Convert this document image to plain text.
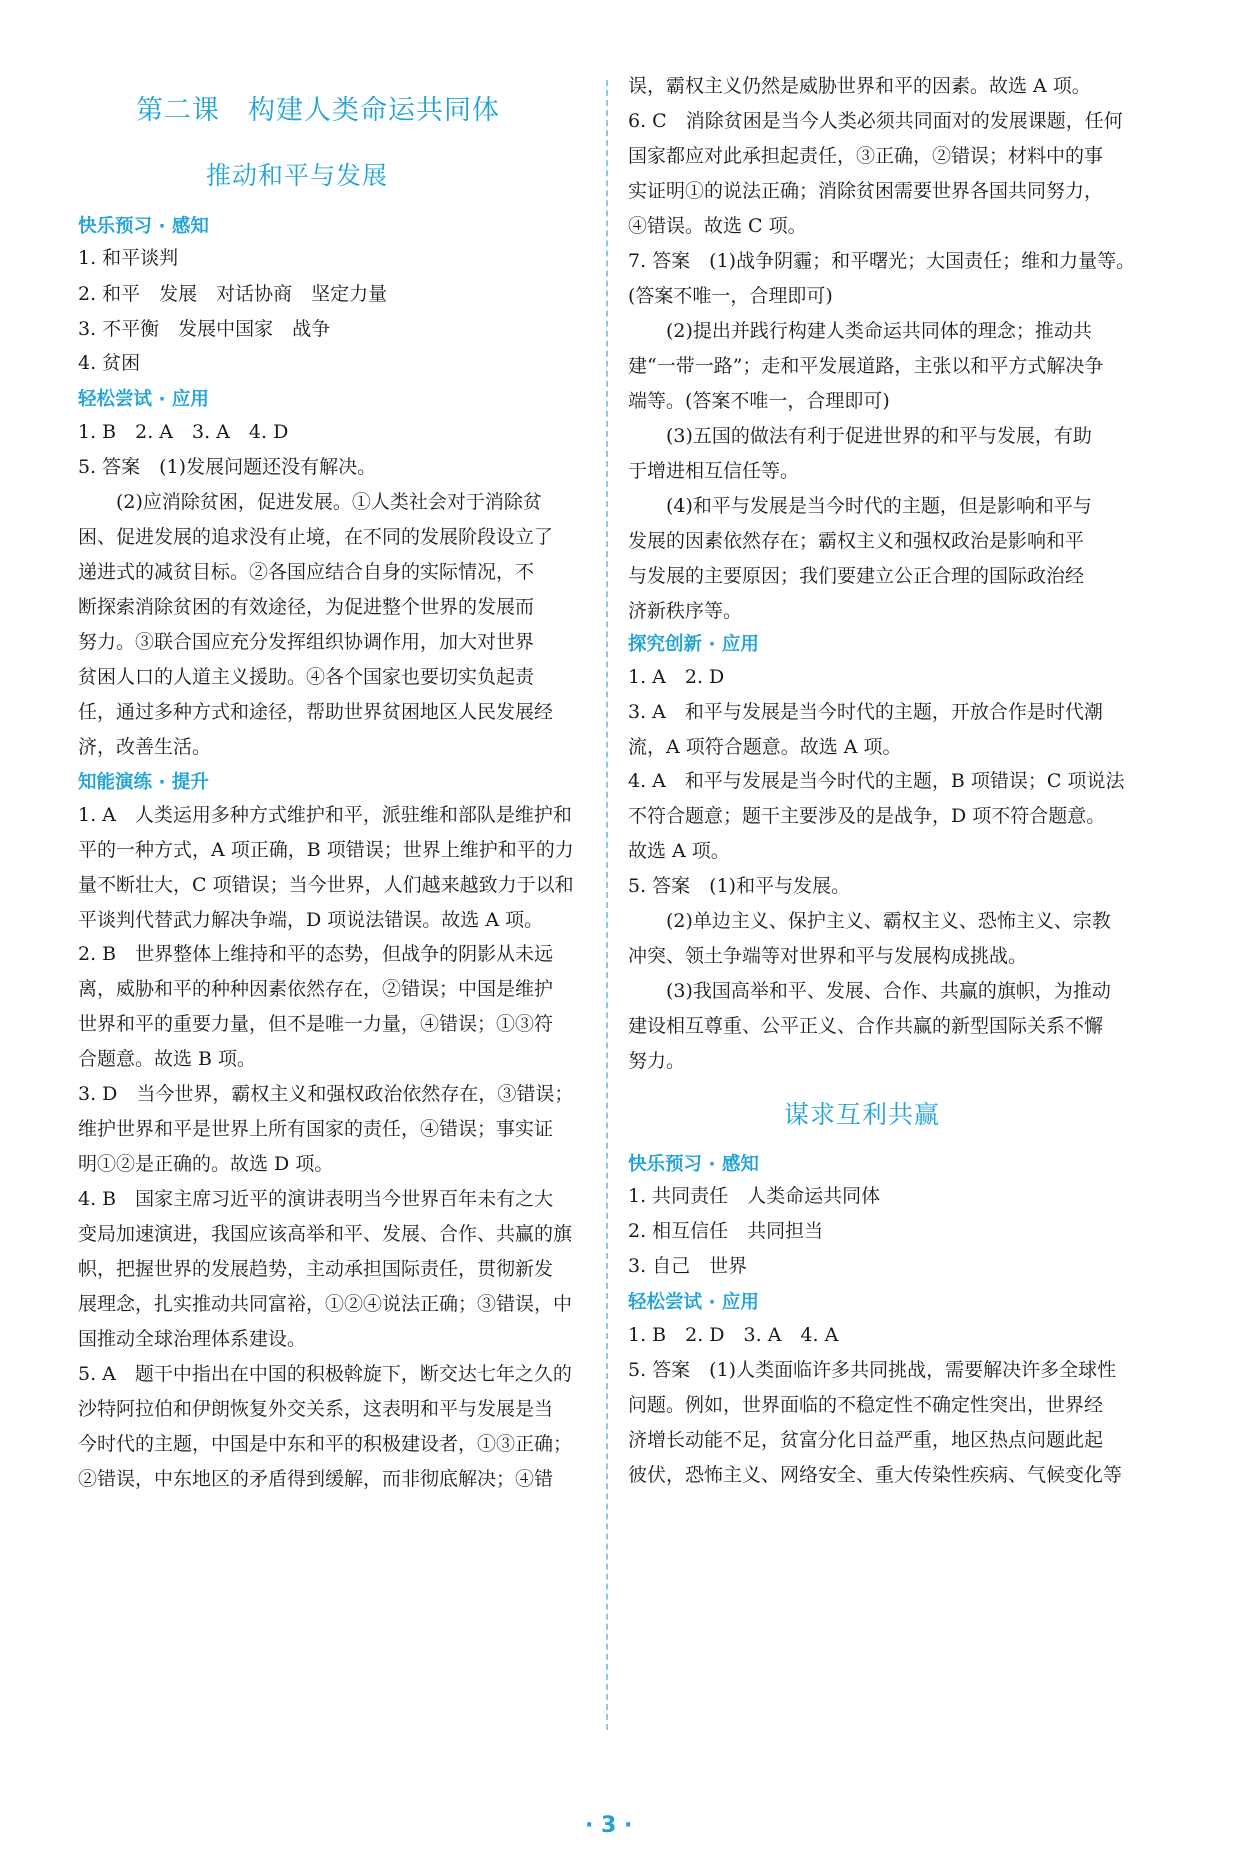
第二课　构建人类命运共同体
推动和平与发展
快乐预习 · 感知
1. 和平谈判
2. 和平　发展　对话协商　坚定力量
3. 不平衡　发展中国家　战争
4. 贫困
轻松尝试 · 应用
1. B　2. A　3. A　4. D
5. 答案　(1)发展问题还没有解决。
(2)应消除贫困，促进发展。①人类社会对于消除贫
困、促进发展的追求没有止境，在不同的发展阶段设立了
递进式的减贫目标。②各国应结合自身的实际情况，不
断探索消除贫困的有效途径，为促进整个世界的发展而
努力。③联合国应充分发挥组织协调作用，加大对世界
贫困人口的人道主义援助。④各个国家也要切实负起责
任，通过多种方式和途径，帮助世界贫困地区人民发展经
济，改善生活。
知能演练 · 提升
1. A　人类运用多种方式维护和平，派驻维和部队是维护和
平的一种方式，A 项正确，B 项错误；世界上维护和平的力
量不断壮大，C 项错误；当今世界，人们越来越致力于以和
平谈判代替武力解决争端，D 项说法错误。故选 A 项。
2. B　世界整体上维持和平的态势，但战争的阴影从未远
离，威胁和平的种种因素依然存在，②错误；中国是维护
世界和平的重要力量，但不是唯一力量，④错误；①③符
合题意。故选 B 项。
3. D　当今世界，霸权主义和强权政治依然存在，③错误；
维护世界和平是世界上所有国家的责任，④错误；事实证
明①②是正确的。故选 D 项。
4. B　国家主席习近平的演讲表明当今世界百年未有之大
变局加速演进，我国应该高举和平、发展、合作、共赢的旗
帜，把握世界的发展趋势，主动承担国际责任，贯彻新发
展理念，扎实推动共同富裕，①②④说法正确；③错误，中
国推动全球治理体系建设。
5. A　题干中指出在中国的积极斡旋下，断交达七年之久的
沙特阿拉伯和伊朗恢复外交关系，这表明和平与发展是当
今时代的主题，中国是中东和平的积极建设者，①③正确；
②错误，中东地区的矛盾得到缓解，而非彻底解决；④错
误，霸权主义仍然是威胁世界和平的因素。故选 A 项。
6. C　消除贫困是当今人类必须共同面对的发展课题，任何
国家都应对此承担起责任，③正确，②错误；材料中的事
实证明①的说法正确；消除贫困需要世界各国共同努力，
④错误。故选 C 项。
7. 答案　(1)战争阴霾；和平曙光；大国责任；维和力量等。
(答案不唯一，合理即可)
(2)提出并践行构建人类命运共同体的理念；推动共
建“一带一路”；走和平发展道路，主张以和平方式解决争
端等。(答案不唯一，合理即可)
(3)五国的做法有利于促进世界的和平与发展，有助
于增进相互信任等。
(4)和平与发展是当今时代的主题，但是影响和平与
发展的因素依然存在；霸权主义和强权政治是影响和平
与发展的主要原因；我们要建立公正合理的国际政治经
济新秩序等。
探究创新 · 应用
1. A　2. D
3. A　和平与发展是当今时代的主题，开放合作是时代潮
流，A 项符合题意。故选 A 项。
4. A　和平与发展是当今时代的主题，B 项错误；C 项说法
不符合题意；题干主要涉及的是战争，D 项不符合题意。
故选 A 项。
5. 答案　(1)和平与发展。
(2)单边主义、保护主义、霸权主义、恐怖主义、宗教
冲突、领土争端等对世界和平与发展构成挑战。
(3)我国高举和平、发展、合作、共赢的旗帜，为推动
建设相互尊重、公平正义、合作共赢的新型国际关系不懈
努力。
谋求互利共赢
快乐预习 · 感知
1. 共同责任　人类命运共同体
2. 相互信任　共同担当
3. 自己　世界
轻松尝试 · 应用
1. B　2. D　3. A　4. A
5. 答案　(1)人类面临许多共同挑战，需要解决许多全球性
问题。例如，世界面临的不稳定性不确定性突出，世界经
济增长动能不足，贫富分化日益严重，地区热点问题此起
彼伏，恐怖主义、网络安全、重大传染性疾病、气候变化等
· 3 ·
